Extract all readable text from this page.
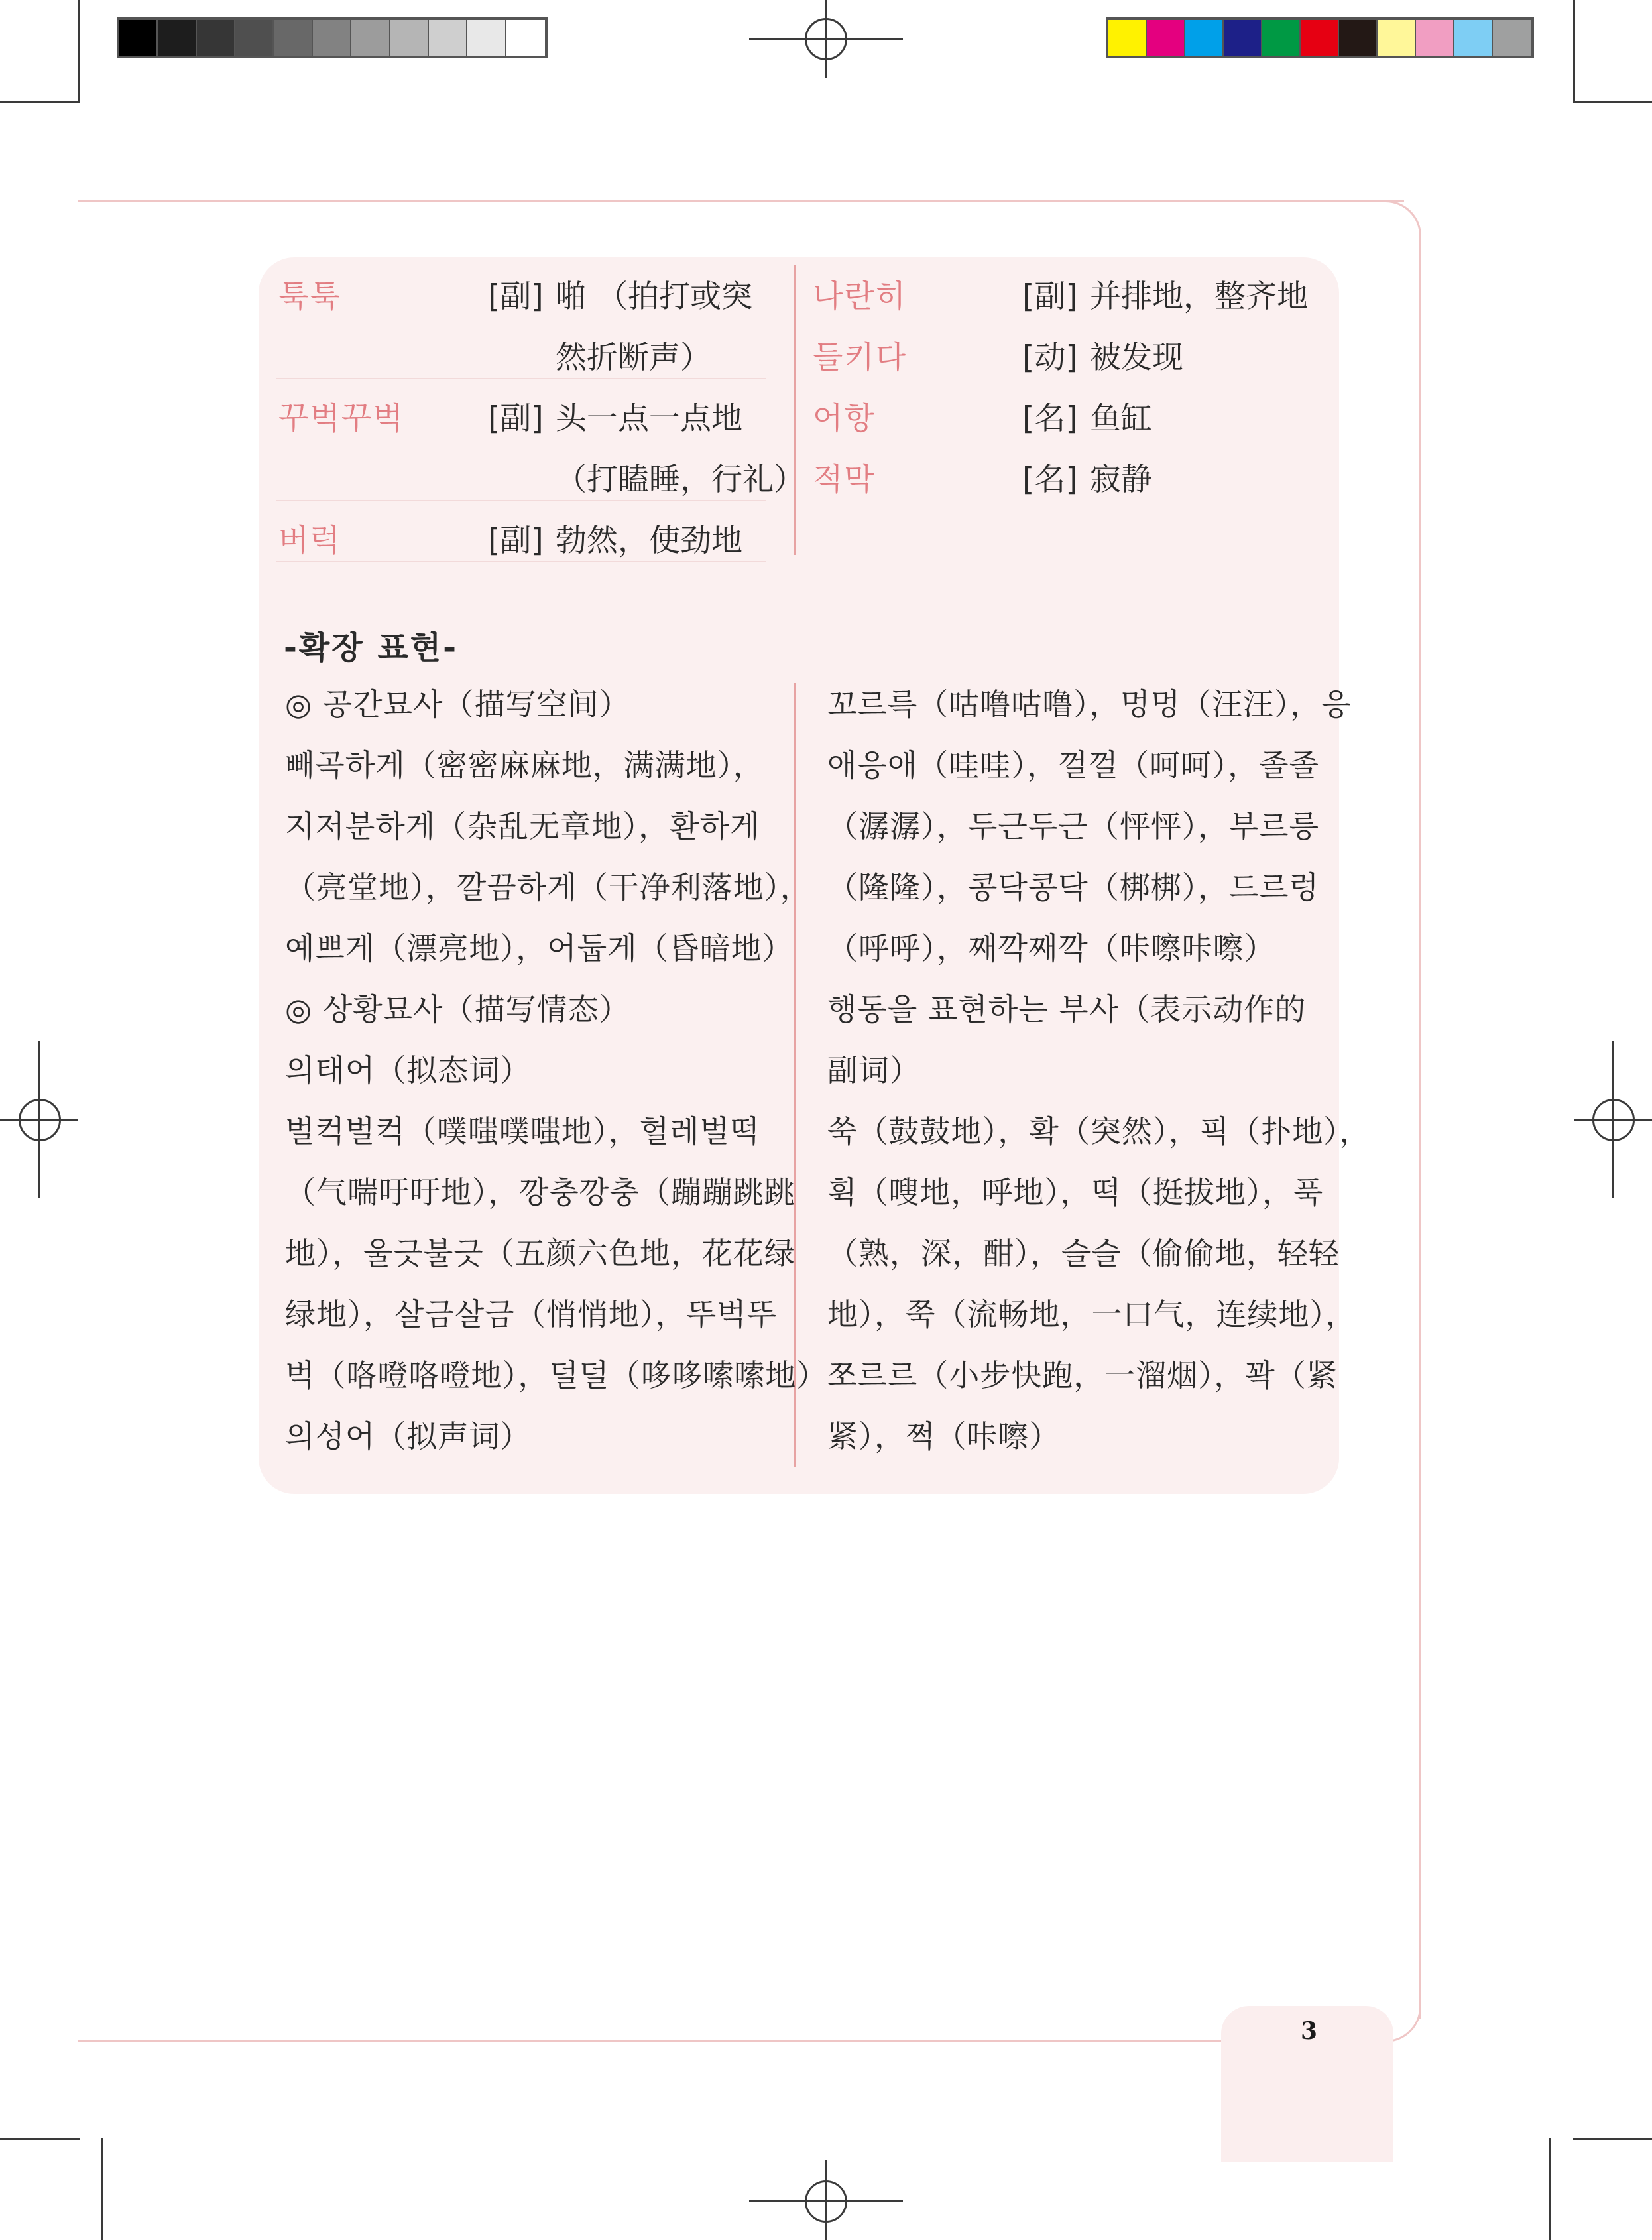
툭툭	[副] 啪 （拍打或突
然折断声）
꾸벅꾸벅	[副] 头一点一点地
（打瞌睡，行礼）
버럭	[副] 勃然，使劲地
나란히	[副] 并排地，整齐地
들키다	[动] 被发现
어항	[名] 鱼缸
적막	[名] 寂静
-확장 표현-
◎ 공간묘사（描写空间）
빼곡하게（密密麻麻地，满满地），
지저분하게（杂乱无章地），환하게
（亮堂地），깔끔하게（干净利落地），
예쁘게（漂亮地），어둡게（昏暗地）
◎ 상황묘사（描写情态）
의태어（拟态词）
벌컥벌컥（噗嗤噗嗤地），헐레벌떡
（气喘吁吁地），깡충깡충（蹦蹦跳跳
地），울긋불긋（五颜六色地，花花绿
绿地），살금살금（悄悄地），뚜벅뚜
벅（咯噔咯噔地），덜덜（哆哆嗦嗦地）
의성어（拟声词）
꼬르륵（咕噜咕噜），멍멍（汪汪），응
애응애（哇哇），껄껄（呵呵），졸졸
（潺潺），두근두근（怦怦），부르릉
（隆隆），콩닥콩닥（梆梆），드르렁
（呼呼），째깍째깍（咔嚓咔嚓）
행동을 표현하는 부사（表示动作的
副词）
쑥（鼓鼓地），확（突然），픽（扑地），
휙（嗖地，呼地），떡（挺拔地），푹
（熟，深，酣），슬슬（偷偷地，轻轻
地），쭉（流畅地，一口气，连续地），
쪼르르（小步快跑，一溜烟），꽉（紧
紧），쩍（咔嚓）
3
